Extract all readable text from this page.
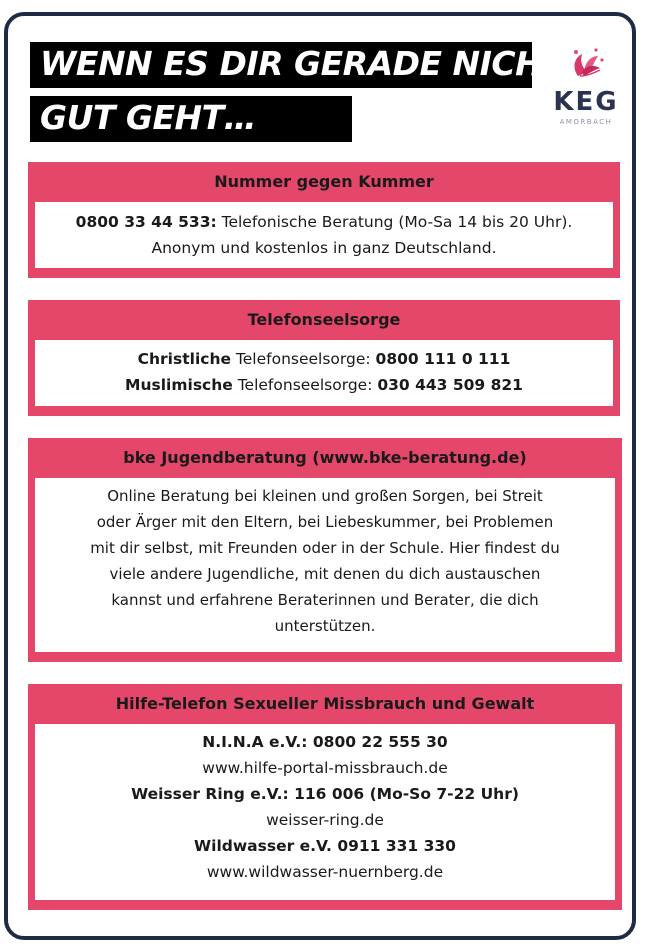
WENN ES DIR GERADE NICHT
GUT GEHT…	KEG
AMORBACH
Nummer gegen Kummer
0800 33 44 533: Telefonische Beratung (Mo-Sa 14 bis 20 Uhr).
Anonym und kostenlos in ganz Deutschland.
Telefonseelsorge
Christliche Telefonseelsorge: 0800 111 0 111
Muslimische Telefonseelsorge: 030 443 509 821
bke Jugendberatung (www.bke-beratung.de)
Online Beratung bei kleinen und großen Sorgen, bei Streit
oder Ärger mit den Eltern, bei Liebeskummer, bei Problemen
mit dir selbst, mit Freunden oder in der Schule. Hier findest du
viele andere Jugendliche, mit denen du dich austauschen
kannst und erfahrene Beraterinnen und Berater, die dich
unterstützen.
Hilfe-Telefon Sexueller Missbrauch und Gewalt
N.I.N.A e.V.: 0800 22 555 30
www.hilfe-portal-missbrauch.de
Weisser Ring e.V.: 116 006 (Mo-So 7-22 Uhr)
weisser-ring.de
Wildwasser e.V. 0911 331 330
www.wildwasser-nuernberg.de
